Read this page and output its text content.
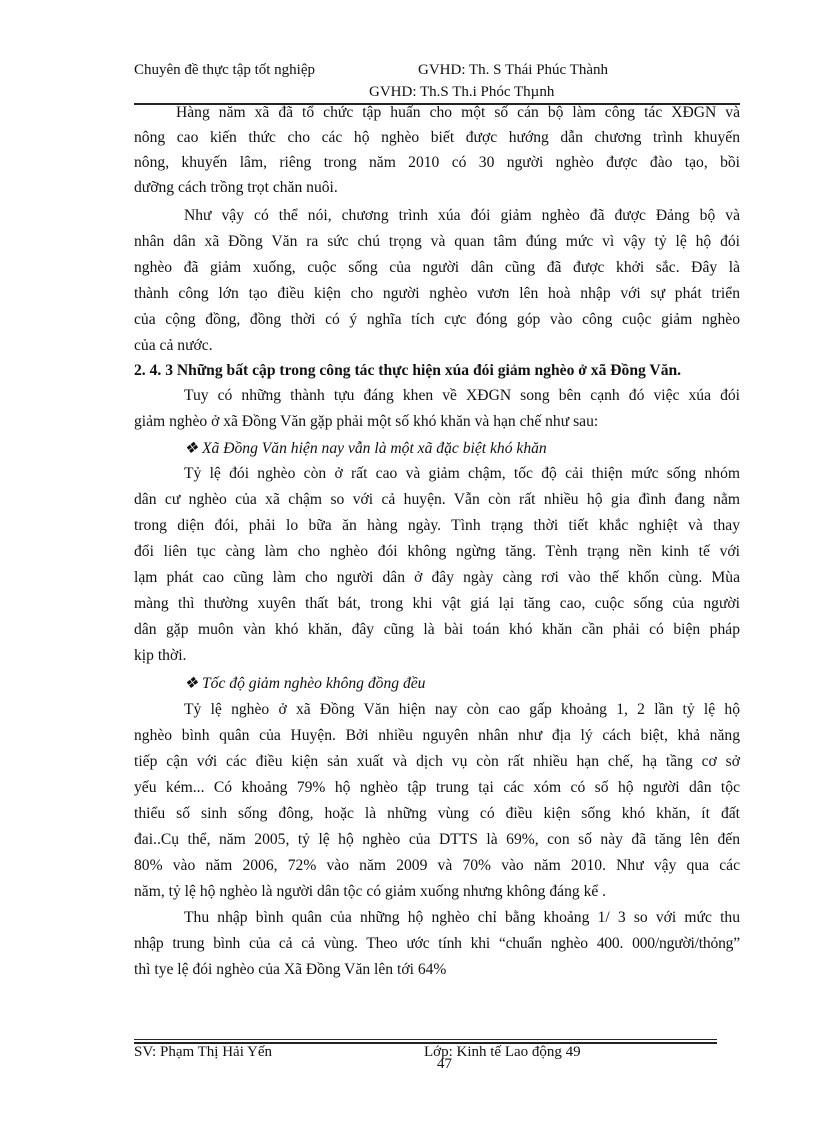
Chuyên đề thực tập tốt nghiệp	GVHD: Th. S Thái Phúc Thành
GVHD: Th.S Th.i Phóc Thµnh
Hàng năm xã đã tổ chức tập huấn cho một số cán bộ làm công tác XĐGN và
nông cao kiến thức cho các hộ nghèo biết được hướng dẫn chương trình khuyến
nông, khuyến lâm, riêng trong năm 2010 có 30 người nghèo được đào tạo, bồi
dưỡng cách trồng trọt chăn nuôi.
Như vậy có thể nói, chương trình xúa đói giảm nghèo đã được Đảng bộ và
nhân dân xã Đồng Văn ra sức chú trọng và quan tâm đúng mức vì vậy tỷ lệ hộ đói
nghèo đã giảm xuống, cuộc sống của người dân cũng đã được khởi sắc. Đây là
thành công lớn tạo điều kiện cho người nghèo vươn lên hoà nhập với sự phát triển
của cộng đồng, đồng thời có ý nghĩa tích cực đóng góp vào công cuộc giảm nghèo
của cả nước.
2. 4. 3 Những bất cập trong công tác thực hiện xúa đói giảm nghèo ở xã Đồng Văn.
Tuy có những thành tựu đáng khen về XĐGN song bên cạnh đó việc xúa đói
giảm nghèo ở xã Đồng Văn gặp phải một số khó khăn và hạn chế như sau:
❖ Xã Đồng Văn hiện nay vẫn là một xã đặc biệt khó khăn
Tỷ lệ đói nghèo còn ở rất cao và giảm chậm, tốc độ cải thiện mức sống nhóm
dân cư nghèo của xã chậm so với cả huyện. Vẫn còn rất nhiều hộ gia đình đang nằm
trong diện đói, phải lo bữa ăn hàng ngày. Tình trạng thời tiết khắc nghiệt và thay
đổi liên tục càng làm cho nghèo đói không ngừng tăng. Tènh trạng nền kinh tế với
lạm phát cao cũng làm cho người dân ở đây ngày càng rơi vào thế khốn cùng. Mùa
màng thì thường xuyên thất bát, trong khi vật giá lại tăng cao, cuộc sống của người
dân gặp muôn vàn khó khăn, đây cũng là bài toán khó khăn cần phải có biện pháp
kịp thời.
❖ Tốc độ giảm nghèo không đồng đều
Tỷ lệ nghèo ở xã Đồng Văn hiện nay còn cao gấp khoảng 1, 2 lần tỷ lệ hộ
nghèo bình quân của Huyện. Bởi nhiều nguyên nhân như địa lý cách biệt, khả năng
tiếp cận với các điều kiện sản xuất và dịch vụ còn rất nhiều hạn chế, hạ tầng cơ sở
yếu kém... Có khoảng 79% hộ nghèo tập trung tại các xóm có số hộ người dân tộc
thiểu số sinh sống đông, hoặc là những vùng có điều kiện sống khó khăn, ít đất
đai..Cụ thể, năm 2005, tỷ lệ hộ nghèo của DTTS là 69%, con số này đã tăng lên đến
80% vào năm 2006, 72% vào năm 2009 và 70% vào năm 2010. Như vậy qua các
năm, tỷ lệ hộ nghèo là người dân tộc có giảm xuống nhưng không đáng kể .
Thu nhập bình quân của những hộ nghèo chỉ bằng khoảng 1/ 3 so với mức thu
nhập trung bình của cả cả vùng. Theo ước tính khi “chuẩn nghèo 400. 000/người/thỏng”
thì tye lệ đói nghèo của Xã Đồng Văn lên tới 64%
SV: Phạm Thị Hải Yến	Lớp: Kinh tế Lao động 49
47
